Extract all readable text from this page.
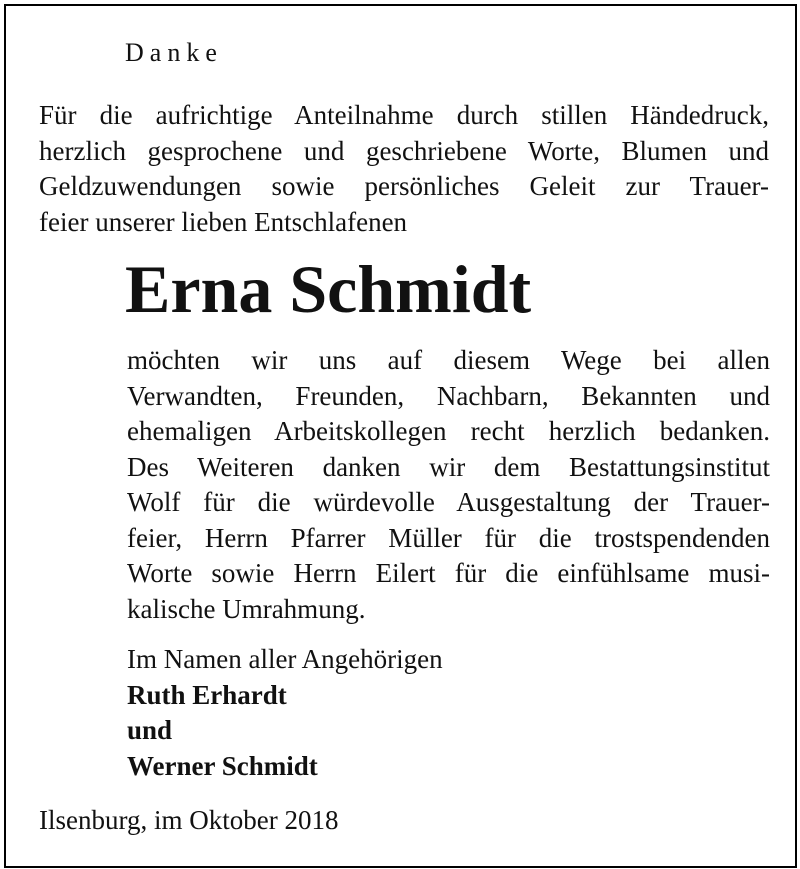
Danke
Für die aufrichtige Anteilnahme durch stillen Händedruck,
herzlich gesprochene und geschriebene Worte, Blumen und
Geldzuwendungen sowie persönliches Geleit zur Trauer-
feier unserer lieben Entschlafenen
Erna Schmidt
möchten wir uns auf diesem Wege bei allen
Verwandten, Freunden, Nachbarn, Bekannten und
ehemaligen Arbeitskollegen recht herzlich bedanken.
Des Weiteren danken wir dem Bestattungsinstitut
Wolf für die würdevolle Ausgestaltung der Trauer-
feier, Herrn Pfarrer Müller für die trostspendenden
Worte sowie Herrn Eilert für die einfühlsame musi-
kalische Umrahmung.
Im Namen aller Angehörigen
Ruth Erhardt
und
Werner Schmidt
Ilsenburg, im Oktober 2018
